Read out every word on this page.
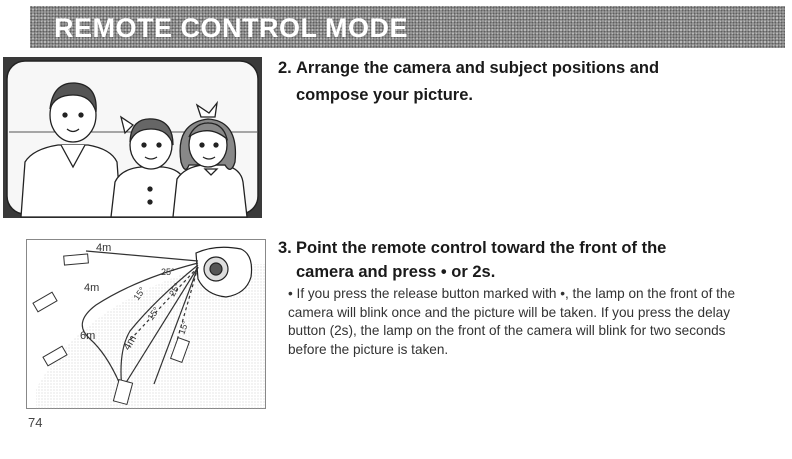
REMOTE CONTROL MODE
4m
4m
6m 4m
25°
25°
15°
15°
15°
2. Arrange the camera and subject positions and
compose your picture.
3. Point the remote control toward the front of the
camera and press • or 2s.
• If you press the release button marked with •, the lamp on the front of the camera will blink once and the picture will be taken. If you press the delay button (2s), the lamp on the front of the camera will blink for two seconds before the picture is taken.
74
